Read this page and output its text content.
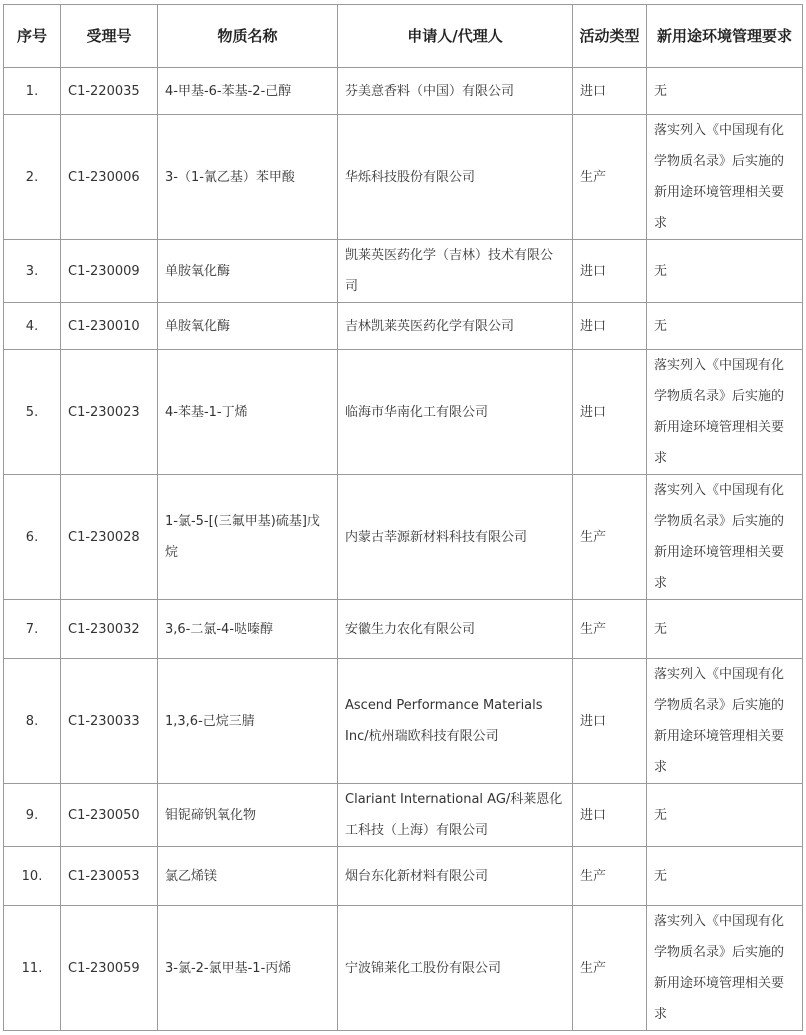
序号	受理号	物质名称	申请人/代理人	活动类型	新用途环境管理要求
1.	C1-220035	4-甲基-6-苯基-2-己醇	芬美意香料（中国）有限公司	进口	无
2.	C1-230006	3-（1-氰乙基）苯甲酸	华烁科技股份有限公司	生产	落实列入《中国现有化学物质名录》后实施的新用途环境管理相关要求
3.	C1-230009	单胺氧化酶	凯莱英医药化学（吉林）技术有限公司	进口	无
4.	C1-230010	单胺氧化酶	吉林凯莱英医药化学有限公司	进口	无
5.	C1-230023	4-苯基-1-丁烯	临海市华南化工有限公司	进口	落实列入《中国现有化学物质名录》后实施的新用途环境管理相关要求
6.	C1-230028	1-氯-5-[(三氟甲基)硫基]戊烷	内蒙古莘源新材料科技有限公司	生产	落实列入《中国现有化学物质名录》后实施的新用途环境管理相关要求
7.	C1-230032	3,6-二氯-4-哒嗪醇	安徽生力农化有限公司	生产	无
8.	C1-230033	1,3,6-己烷三腈	Ascend Performance Materials Inc/杭州瑞欧科技有限公司	进口	落实列入《中国现有化学物质名录》后实施的新用途环境管理相关要求
9.	C1-230050	钼铌碲钒氧化物	Clariant International AG/科莱恩化工科技（上海）有限公司	进口	无
10.	C1-230053	氯乙烯镁	烟台东化新材料有限公司	生产	无
11.	C1-230059	3-氯-2-氯甲基-1-丙烯	宁波锦莱化工股份有限公司	生产	落实列入《中国现有化学物质名录》后实施的新用途环境管理相关要求
